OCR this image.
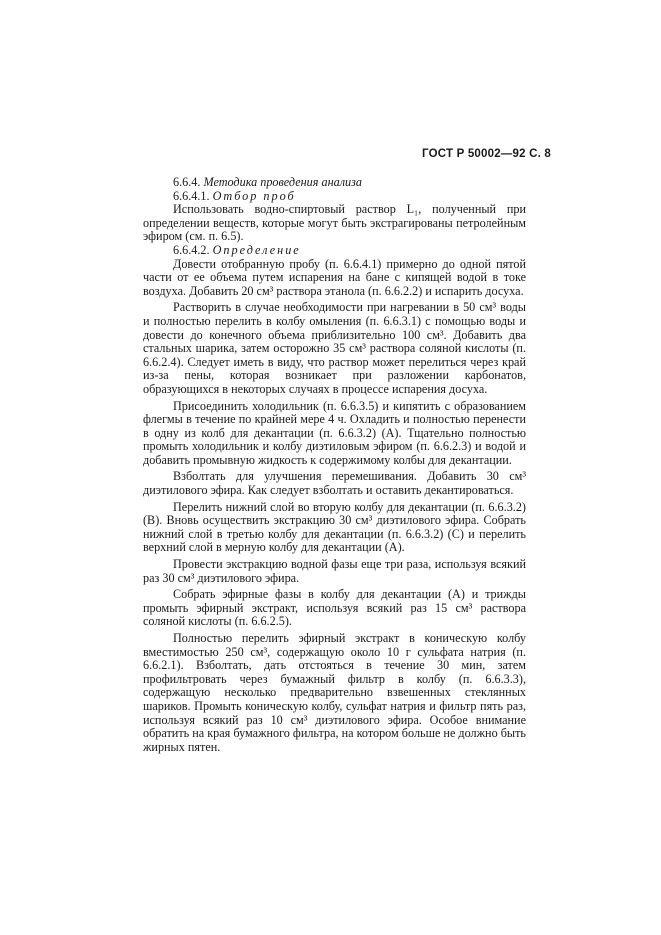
ГОСТ Р 50002—92 С. 8

6.6.4. Методика проведения анализа

6.6.4.1. Отбор проб

Использовать водно-спиртовый раствор L₁, полученный при определении веществ, которые могут быть экстрагированы петролейным эфиром (см. п. 6.5).

6.6.4.2. Определение

Довести отобранную пробу (п. 6.6.4.1) примерно до одной пятой части от ее объема путем испарения на бане с кипящей водой в токе воздуха. Добавить 20 см³ раствора этанола (п. 6.6.2.2) и испарить досуха.

Растворить в случае необходимости при нагревании в 50 см³ воды и полностью перелить в колбу омыления (п. 6.6.3.1) с помощью воды и довести до конечного объема приблизительно 100 см³. Добавить два стальных шарика, затем осторожно 35 см³ раствора соляной кислоты (п. 6.6.2.4). Следует иметь в виду, что раствор может перелиться через край из-за пены, которая возникает при разложении карбонатов, образующихся в некоторых случаях в процессе испарения досуха.

Присоединить холодильник (п. 6.6.3.5) и кипятить с образованием флегмы в течение по крайней мере 4 ч. Охладить и полностью перенести в одну из колб для декантации (п. 6.6.3.2) (А). Тщательно полностью промыть холодильник и колбу диэтиловым эфиром (п. 6.6.2.3) и водой и добавить промывную жидкость к содержимому колбы для декантации.

Взболтать для улучшения перемешивания. Добавить 30 см³ диэтилового эфира. Как следует взболтать и оставить декантироваться.

Перелить нижний слой во вторую колбу для декантации (п. 6.6.3.2) (В). Вновь осуществить экстракцию 30 см³ диэтилового эфира. Собрать нижний слой в третью колбу для декантации (п. 6.6.3.2) (С) и перелить верхний слой в мерную колбу для декантации (А).

Провести экстракцию водной фазы еще три раза, используя всякий раз 30 см³ диэтилового эфира.

Собрать эфирные фазы в колбу для декантации (А) и трижды промыть эфирный экстракт, используя всякий раз 15 см³ раствора соляной кислоты (п. 6.6.2.5).

Полностью перелить эфирный экстракт в коническую колбу вместимостью 250 см³, содержащую около 10 г сульфата натрия (п. 6.6.2.1). Взболтать, дать отстояться в течение 30 мин, затем профильтровать через бумажный фильтр в колбу (п. 6.6.3.3), содержащую несколько предварительно взвешенных стеклянных шариков. Промыть коническую колбу, сульфат натрия и фильтр пять раз, используя всякий раз 10 см³ диэтилового эфира. Особое внимание обратить на края бумажного фильтра, на котором больше не должно быть жирных пятен.
